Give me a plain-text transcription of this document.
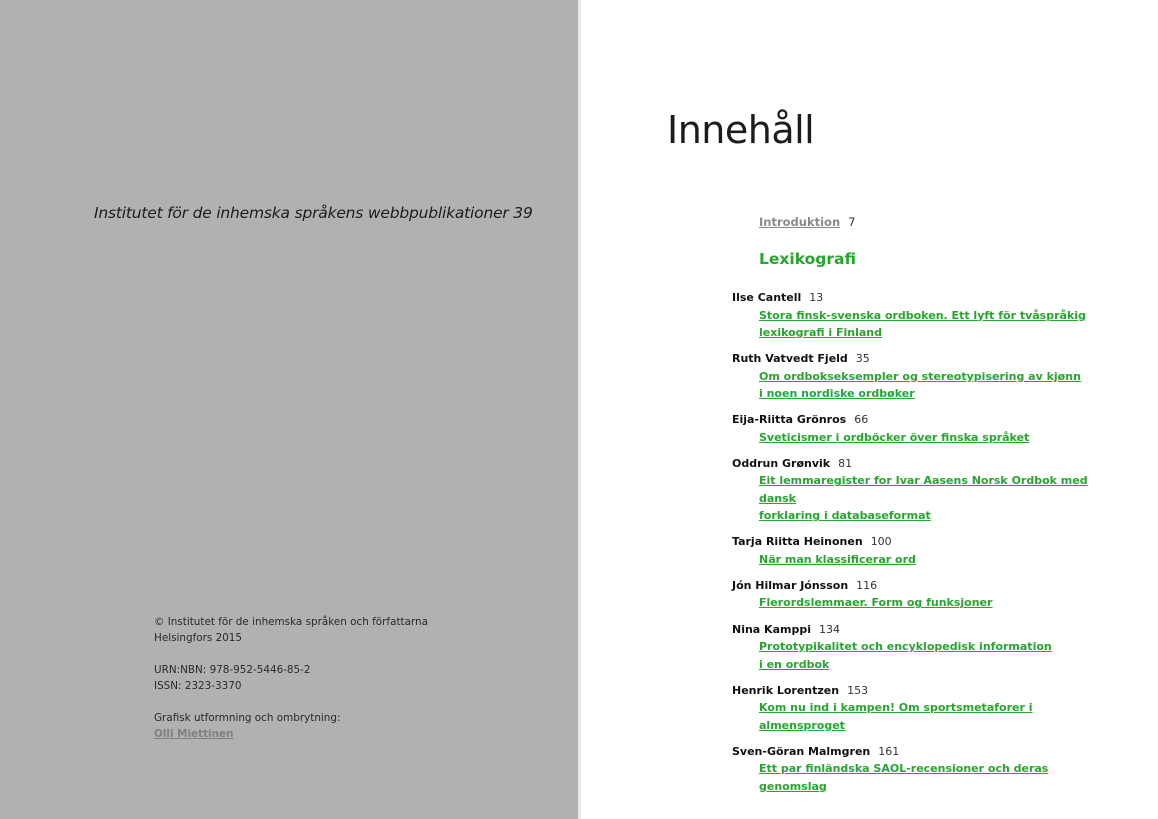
Institutet för de inhemska språkens webbpublikationer 39
© Institutet för de inhemska språken och författarna
Helsingfors 2015
URN:NBN: 978-952-5446-85-2
ISSN: 2323-3370
Grafisk utformning och ombrytning:
Olli Miettinen
Innehåll
Introduktion 7
Lexikografi
Ilse Cantell 13
Stora finsk-svenska ordboken. Ett lyft för tvåspråkig
lexikografi i Finland
Ruth Vatvedt Fjeld 35
Om ordbokseksempler og stereotypisering av kjønn
i noen nordiske ordbøker
Eija-Riitta Grönros 66
Sveticismer i ordböcker över finska språket
Oddrun Grønvik 81
Eit lemmaregister for Ivar Aasens Norsk Ordbok med dansk
forklaring i databaseformat
Tarja Riitta Heinonen 100
När man klassificerar ord
Jón Hilmar Jónsson 116
Flerordslemmaer. Form og funksjoner
Nina Kamppi 134
Prototypikalitet och encyklopedisk information
i en ordbok
Henrik Lorentzen 153
Kom nu ind i kampen! Om sportsmetaforer i almensproget
Sven-Göran Malmgren 161
Ett par finländska SAOL-recensioner och deras genomslag
